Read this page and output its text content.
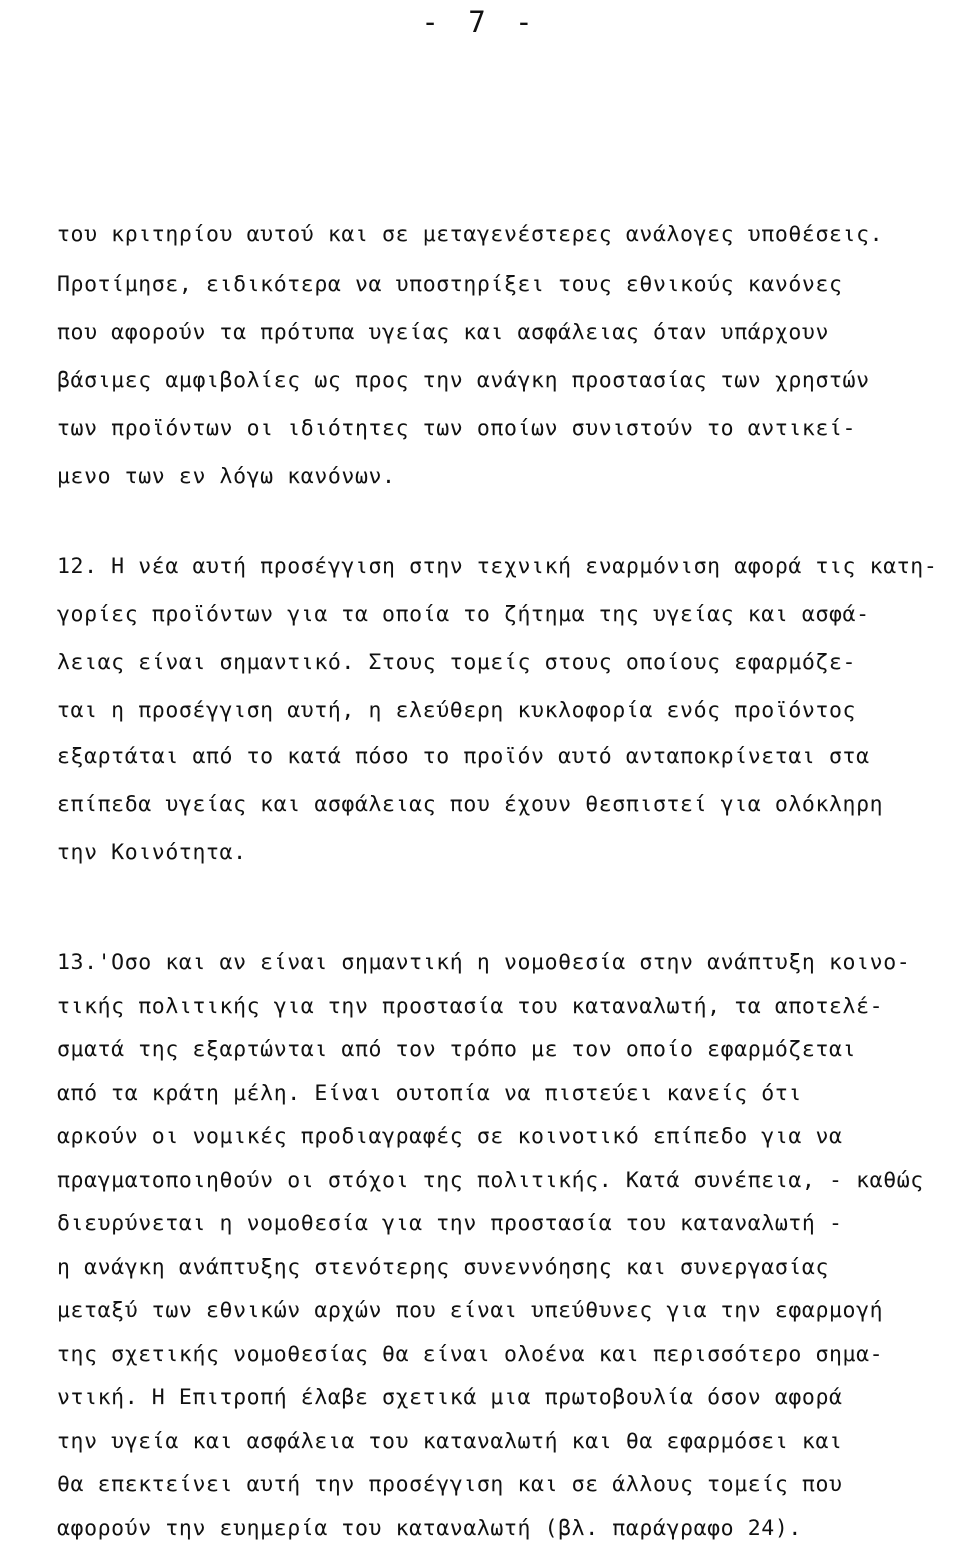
- 7 -
του κριτηρίου αυτού και σε μεταγενέστερες ανάλογες υποθέσεις.
Προτίμησε, ειδικότερα να υποστηρίξει τους εθνικούς κανόνες
που αφορούν τα πρότυπα υγείας και ασφάλειας όταν υπάρχουν
βάσιμες αμφιβολίες ως προς την ανάγκη προστασίας των χρηστών
των προϊόντων οι ιδιότητες των οποίων συνιστούν το αντικεί-
μενο των εν λόγω κανόνων.
12. Η νέα αυτή προσέγγιση στην τεχνική εναρμόνιση αφορά τις κατη-
γορίες προϊόντων για τα οποία το ζήτημα της υγείας και ασφά-
λειας είναι σημαντικό. Στους τομείς στους οποίους εφαρμόζε-
ται η προσέγγιση αυτή, η ελεύθερη κυκλοφορία ενός προϊόντος
εξαρτάται από το κατά πόσο το προϊόν αυτό ανταποκρίνεται στα
επίπεδα υγείας και ασφάλειας που έχουν θεσπιστεί για ολόκληρη
την Κοινότητα.
13.'Οσο και αν είναι σημαντική η νομοθεσία στην ανάπτυξη κοινο-
τικής πολιτικής για την προστασία του καταναλωτή, τα αποτελέ-
σματά της εξαρτώνται από τον τρόπο με τον οποίο εφαρμόζεται
από τα κράτη μέλη. Είναι ουτοπία να πιστεύει κανείς ότι
αρκούν οι νομικές προδιαγραφές σε κοινοτικό επίπεδο για να
πραγματοποιηθούν οι στόχοι της πολιτικής. Κατά συνέπεια, - καθώς
διευρύνεται η νομοθεσία για την προστασία του καταναλωτή -
η ανάγκη ανάπτυξης στενότερης συνεννόησης και συνεργασίας
μεταξύ των εθνικών αρχών που είναι υπεύθυνες για την εφαρμογή
της σχετικής νομοθεσίας θα είναι ολοένα και περισσότερο σημα-
ντική. Η Επιτροπή έλαβε σχετικά μια πρωτοβουλία όσον αφορά
την υγεία και ασφάλεια του καταναλωτή και θα εφαρμόσει και
θα επεκτείνει αυτή την προσέγγιση και σε άλλους τομείς που
αφορούν την ευημερία του καταναλωτή (βλ. παράγραφο 24).
